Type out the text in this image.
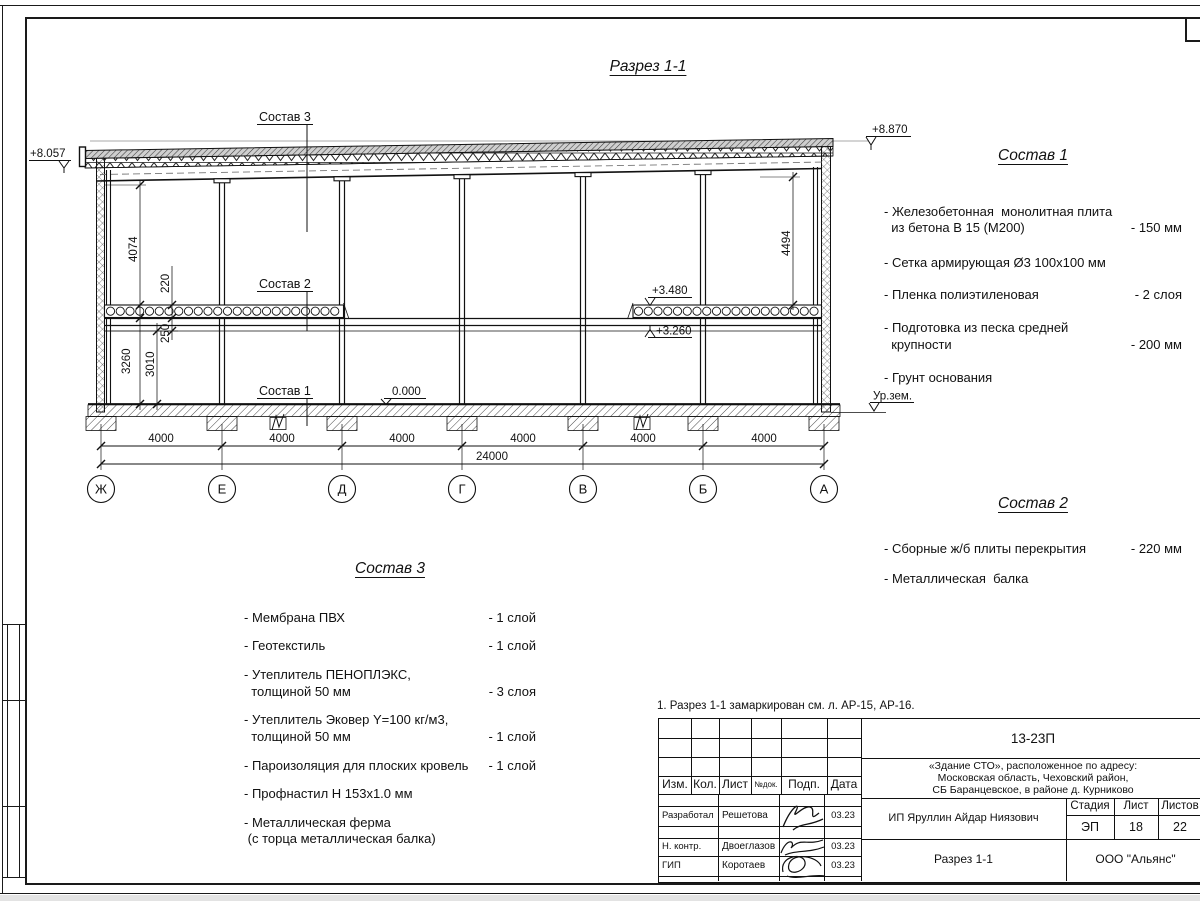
Разрез 1-1
4000	4000	4000	4000	4000	4000
24000
Ж	Е	Д	Г	В	Б	А
4074
3260 3010
220
250
4494
+8.057
+8.870
+3.480
+3.260
0.000	Ур.зем.
Состав 3
Состав 2
Состав 1
Состав 1
- Железобетонная  монолитная плита
из бетона В 15 (М200)	- 150 мм
- Сетка армирующая Ø3 100х100 мм
- Пленка полиэтиленовая	- 2 слоя
- Подготовка из песка средней
крупности	- 200 мм
- Грунт основания
Состав 2
- Сборные ж/б плиты перекрытия	- 220 мм
- Металлическая  балка
Состав 3
- Мембрана ПВХ	- 1 слой
- Геотекстиль	- 1 слой
- Утеплитель ПЕНОПЛЭКС,
толщиной 50 мм	- 3 слоя
- Утеплитель Эковер Y=100 кг/м3,
толщиной 50 мм	- 1 слой
- Пароизоляция для плоских кровель	- 1 слой
- Профнастил Н 153х1.0 мм
- Металлическая ферма
(с торца металлическая балка)
1. Разрез 1-1 замаркирован см. л. АР-15, АР-16.
Изм. Кол. Лист №док. Подп. Дата
Разработал Решетова	03.23
Н. контр.	Двоеглазов	03.23
ГИП	Коротаев	03.23
13-23П
«Здание СТО», расположенное по адресу:
Московская область, Чеховский район,
СБ Баранцевское, в районе д. Курниково
ИП Яруллин Айдар Ниязович
Стадия	Лист	Листов
ЭП	18	22
Разрез 1-1	ООО "Альянс"
